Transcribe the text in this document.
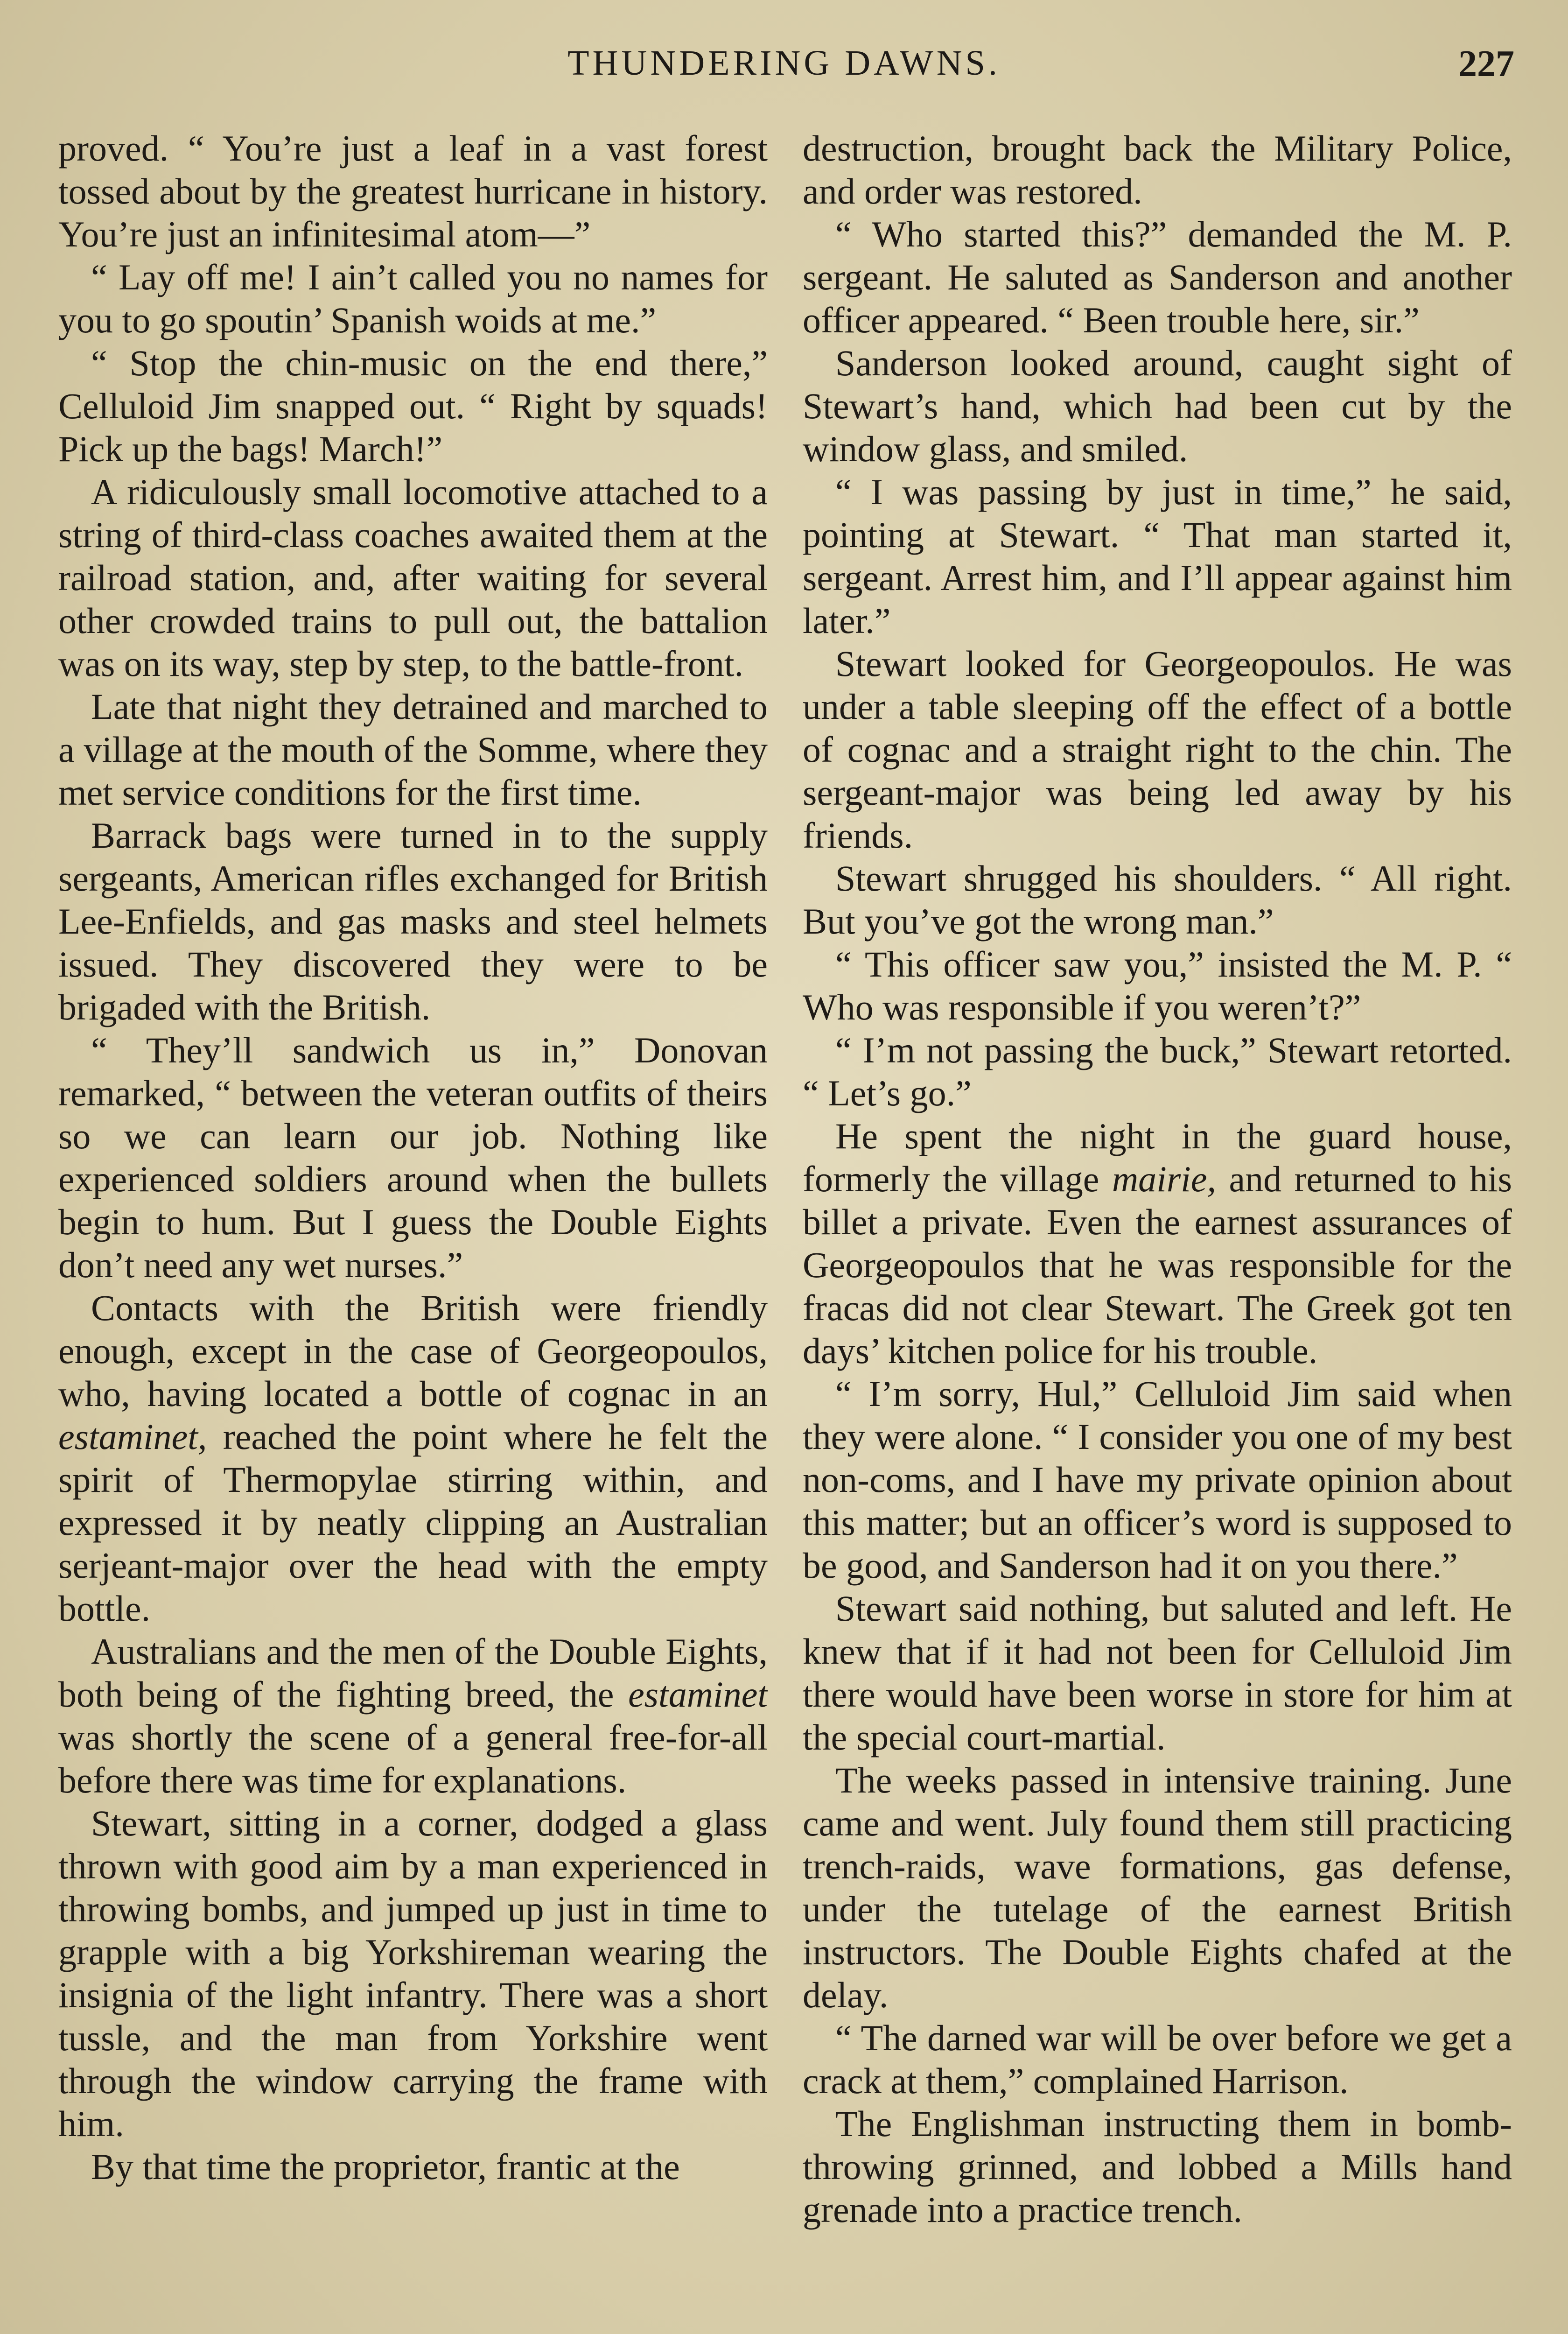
THUNDERING DAWNS.	227

proved. “ You’re just a leaf in a vast forest tossed about by the greatest hurricane in history. You’re just an infinitesimal atom—”

“ Lay off me! I ain’t called you no names for you to go spoutin’ Spanish woids at me.”

“ Stop the chin-music on the end there,” Celluloid Jim snapped out. “ Right by squads! Pick up the bags! March!”

A ridiculously small locomotive attached to a string of third-class coaches awaited them at the railroad station, and, after waiting for several other crowded trains to pull out, the battalion was on its way, step by step, to the battle-front.

Late that night they detrained and marched to a village at the mouth of the Somme, where they met service conditions for the first time.

Barrack bags were turned in to the supply sergeants, American rifles exchanged for British Lee-Enfields, and gas masks and steel helmets issued. They discovered they were to be brigaded with the British.

“ They’ll sandwich us in,” Donovan remarked, “ between the veteran outfits of theirs so we can learn our job. Nothing like experienced soldiers around when the bullets begin to hum. But I guess the Double Eights don’t need any wet nurses.”

Contacts with the British were friendly enough, except in the case of Georgeopoulos, who, having located a bottle of cognac in an estaminet, reached the point where he felt the spirit of Thermopylae stirring within, and expressed it by neatly clipping an Australian serjeant-major over the head with the empty bottle.

Australians and the men of the Double Eights, both being of the fighting breed, the estaminet was shortly the scene of a general free-for-all before there was time for explanations.

Stewart, sitting in a corner, dodged a glass thrown with good aim by a man experienced in throwing bombs, and jumped up just in time to grapple with a big Yorkshireman wearing the insignia of the light infantry. There was a short tussle, and the man from Yorkshire went through the window carrying the frame with him.

By that time the proprietor, frantic at the

destruction, brought back the Military Police, and order was restored.

“ Who started this?” demanded the M. P. sergeant. He saluted as Sanderson and another officer appeared. “ Been trouble here, sir.”

Sanderson looked around, caught sight of Stewart’s hand, which had been cut by the window glass, and smiled.

“ I was passing by just in time,” he said, pointing at Stewart. “ That man started it, sergeant. Arrest him, and I’ll appear against him later.”

Stewart looked for Georgeopoulos. He was under a table sleeping off the effect of a bottle of cognac and a straight right to the chin. The sergeant-major was being led away by his friends.

Stewart shrugged his shoulders. “ All right. But you’ve got the wrong man.”

“ This officer saw you,” insisted the M. P. “ Who was responsible if you weren’t?”

“ I’m not passing the buck,” Stewart retorted. “ Let’s go.”

He spent the night in the guard house, formerly the village mairie, and returned to his billet a private. Even the earnest assurances of Georgeopoulos that he was responsible for the fracas did not clear Stewart. The Greek got ten days’ kitchen police for his trouble.

“ I’m sorry, Hul,” Celluloid Jim said when they were alone. “ I consider you one of my best non-coms, and I have my private opinion about this matter; but an officer’s word is supposed to be good, and Sanderson had it on you there.”

Stewart said nothing, but saluted and left. He knew that if it had not been for Celluloid Jim there would have been worse in store for him at the special court-martial.

The weeks passed in intensive training. June came and went. July found them still practicing trench-raids, wave formations, gas defense, under the tutelage of the earnest British instructors. The Double Eights chafed at the delay.

“ The darned war will be over before we get a crack at them,” complained Harrison.

The Englishman instructing them in bomb-throwing grinned, and lobbed a Mills hand grenade into a practice trench.
